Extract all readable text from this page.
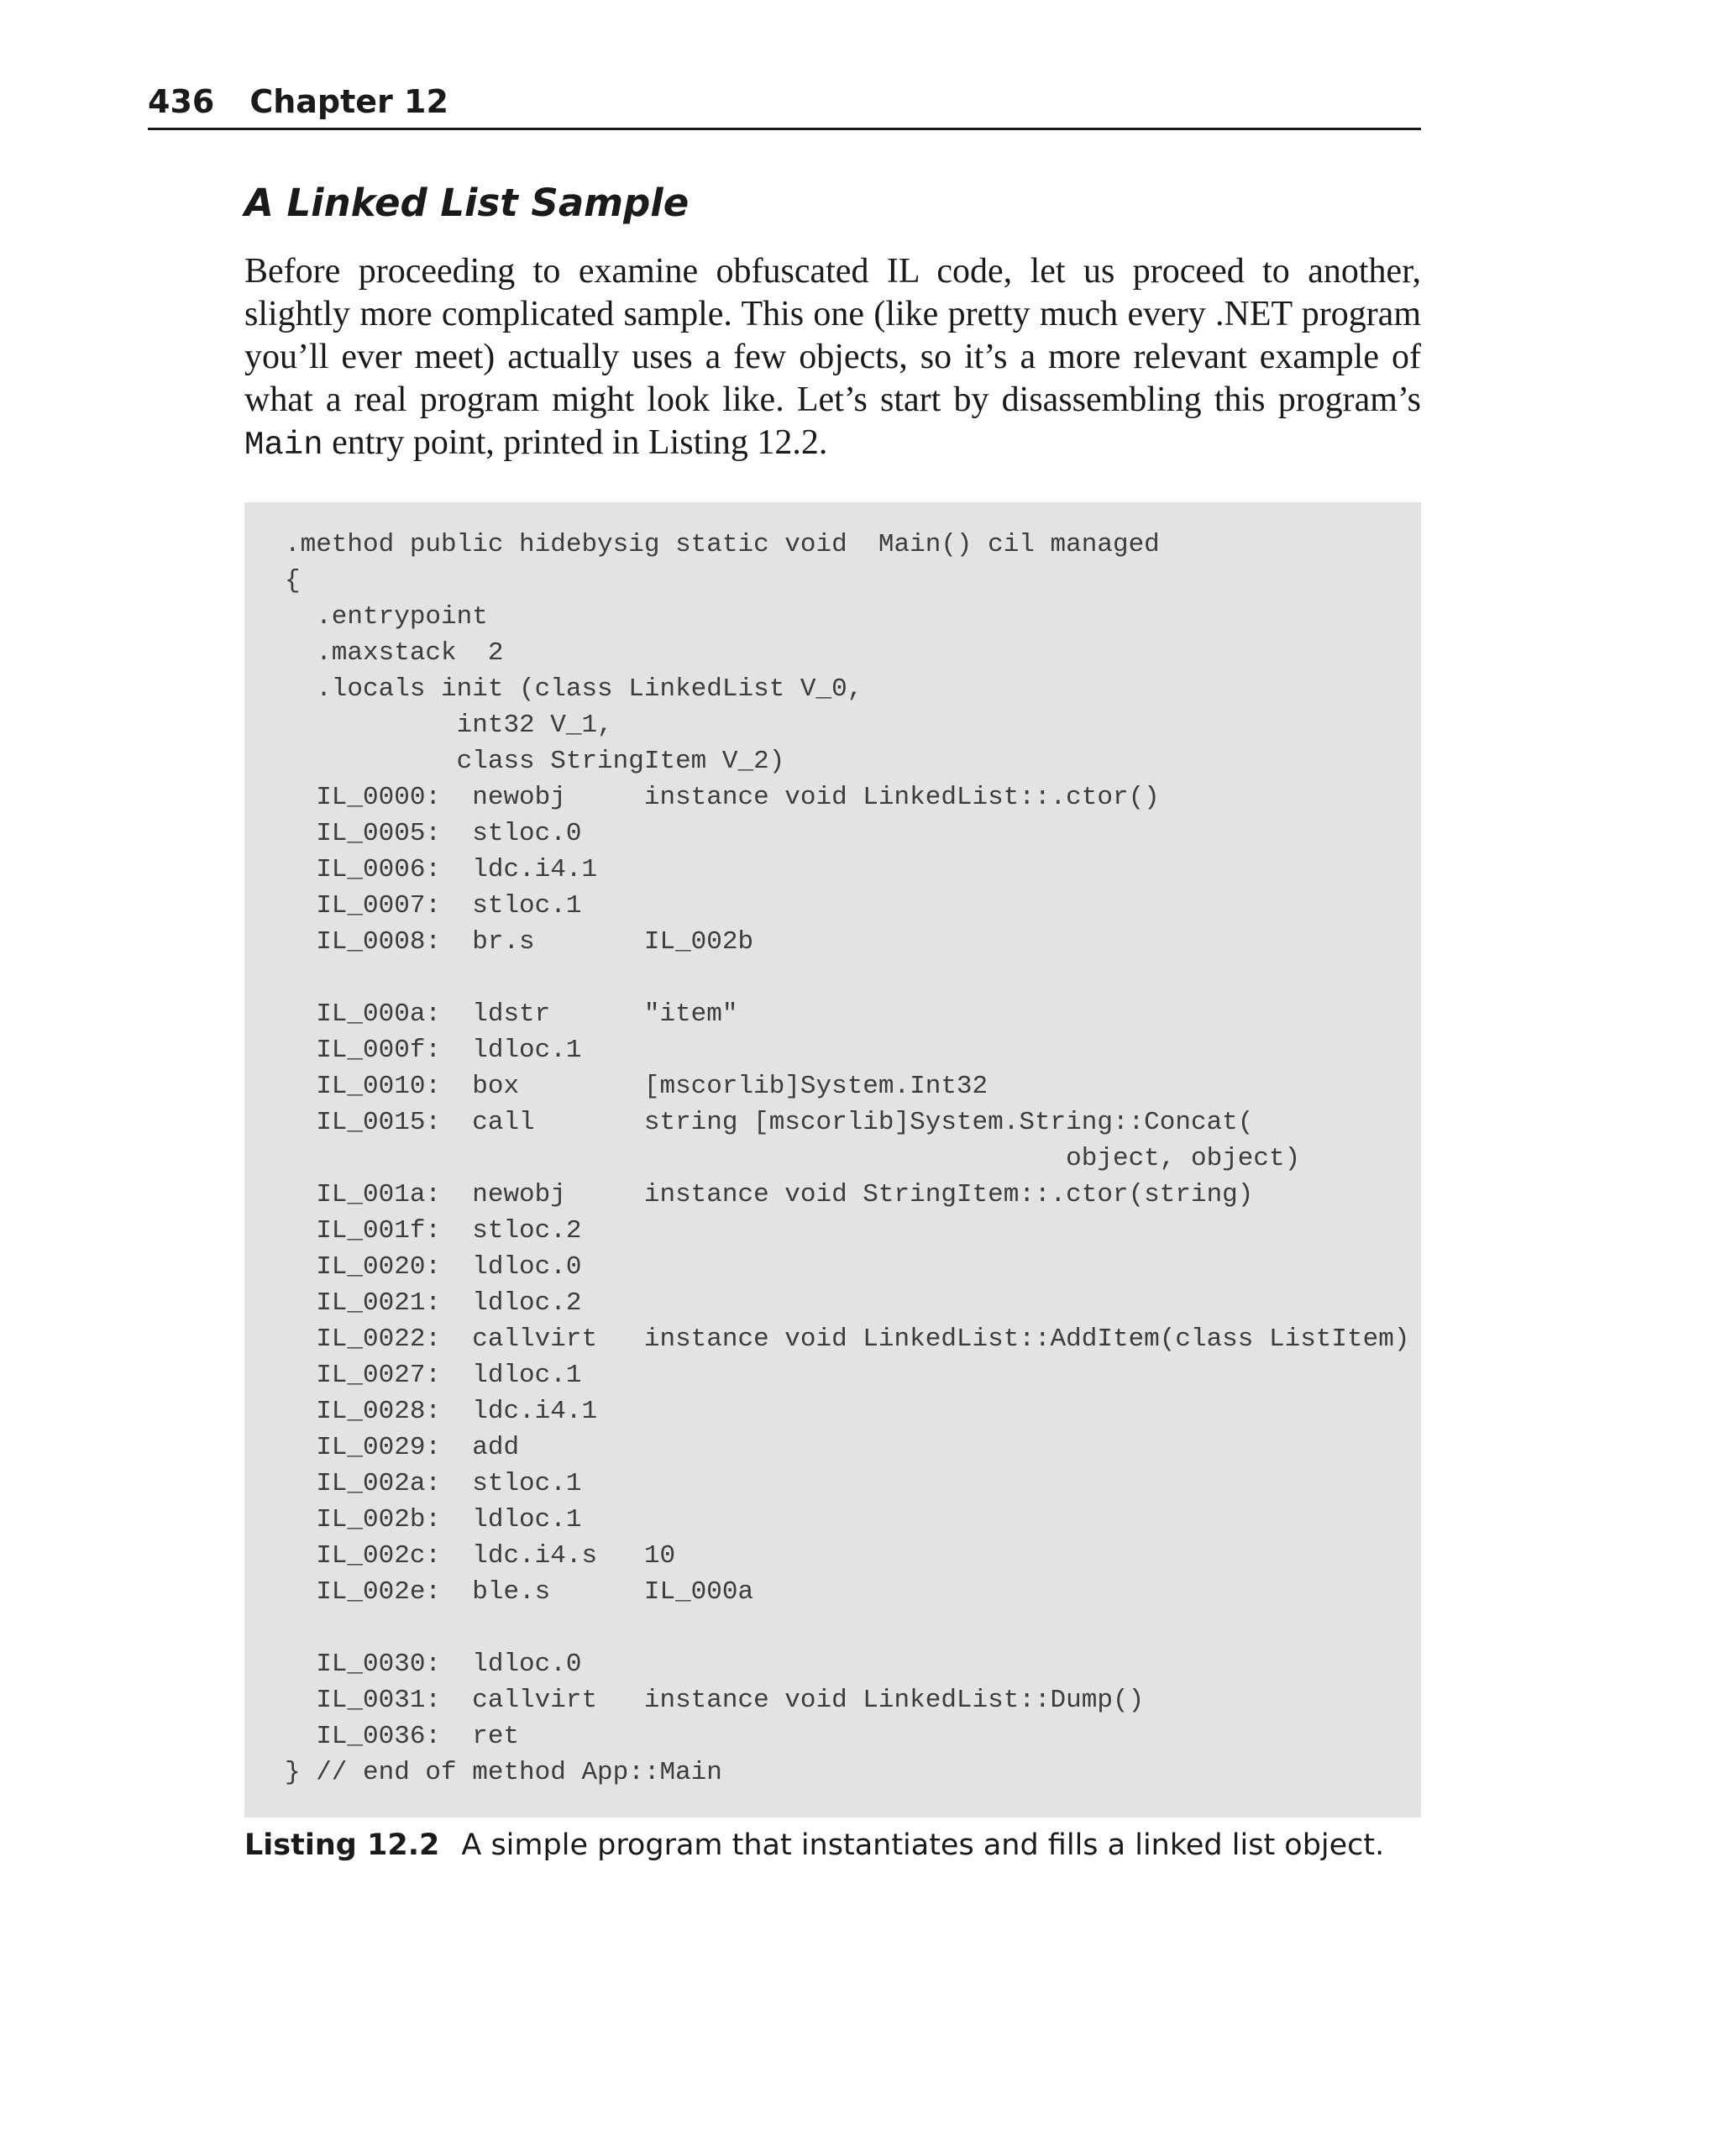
436 Chapter 12
A Linked List Sample

Before proceeding to examine obfuscated IL code, let us proceed to another, slightly more complicated sample. This one (like pretty much every .NET program you’ll ever meet) actually uses a few objects, so it’s a more relevant example of what a real program might look like. Let’s start by disassembling this program’s Main entry point, printed in Listing 12.2.

.method public hidebysig static void  Main() cil managed
{
.entrypoint
.maxstack  2
.locals init (class LinkedList V_0,
int32 V_1,
class StringItem V_2)
IL_0000:  newobj     instance void LinkedList::.ctor()
IL_0005:  stloc.0
IL_0006:  ldc.i4.1
IL_0007:  stloc.1
IL_0008:  br.s       IL_002b

IL_000a:  ldstr      "item"
IL_000f:  ldloc.1
IL_0010:  box        [mscorlib]System.Int32
IL_0015:  call       string [mscorlib]System.String::Concat(
object, object)
IL_001a:  newobj     instance void StringItem::.ctor(string)
IL_001f:  stloc.2
IL_0020:  ldloc.0
IL_0021:  ldloc.2
IL_0022:  callvirt   instance void LinkedList::AddItem(class ListItem)
IL_0027:  ldloc.1
IL_0028:  ldc.i4.1
IL_0029:  add
IL_002a:  stloc.1
IL_002b:  ldloc.1
IL_002c:  ldc.i4.s   10
IL_002e:  ble.s      IL_000a

IL_0030:  ldloc.0
IL_0031:  callvirt   instance void LinkedList::Dump()
IL_0036:  ret
} // end of method App::Main
Listing 12.2 A simple program that instantiates and fills a linked list object.
